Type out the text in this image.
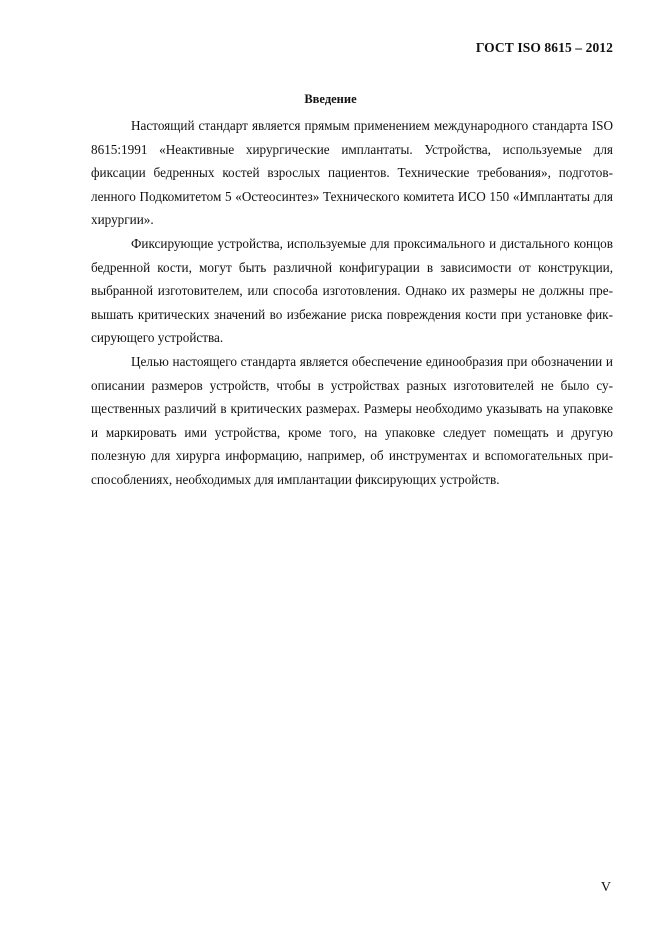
ГОСТ ISO 8615 – 2012
Введение

Настоящий стандарт является прямым применением международного стандарта ISO 8615:1991 «Неактивные хирургические имплантаты. Устройства, используемые для фиксации бедренных костей взрослых пациентов. Технические требования», подготовленного Подкомитетом 5 «Остеосинтез» Технического комитета ИСО 150 «Имплантаты для хирургии».

Фиксирующие устройства, используемые для проксимального и дистального концов бедренной кости, могут быть различной конфигурации в зависимости от конструкции, выбранной изготовителем, или способа изготовления. Однако их размеры не должны превышать критических значений во избежание риска повреждения кости при установке фиксирующего устройства.

Целью настоящего стандарта является обеспечение единообразия при обозначении и описании размеров устройств, чтобы в устройствах разных изготовителей не было существенных различий в критических размерах. Размеры необходимо указывать на упаковке и маркировать ими устройства, кроме того, на упаковке следует помещать и другую полезную для хирурга информацию, например, об инструментах и вспомогательных приспособлениях, необходимых для имплантации фиксирующих устройств.

V
